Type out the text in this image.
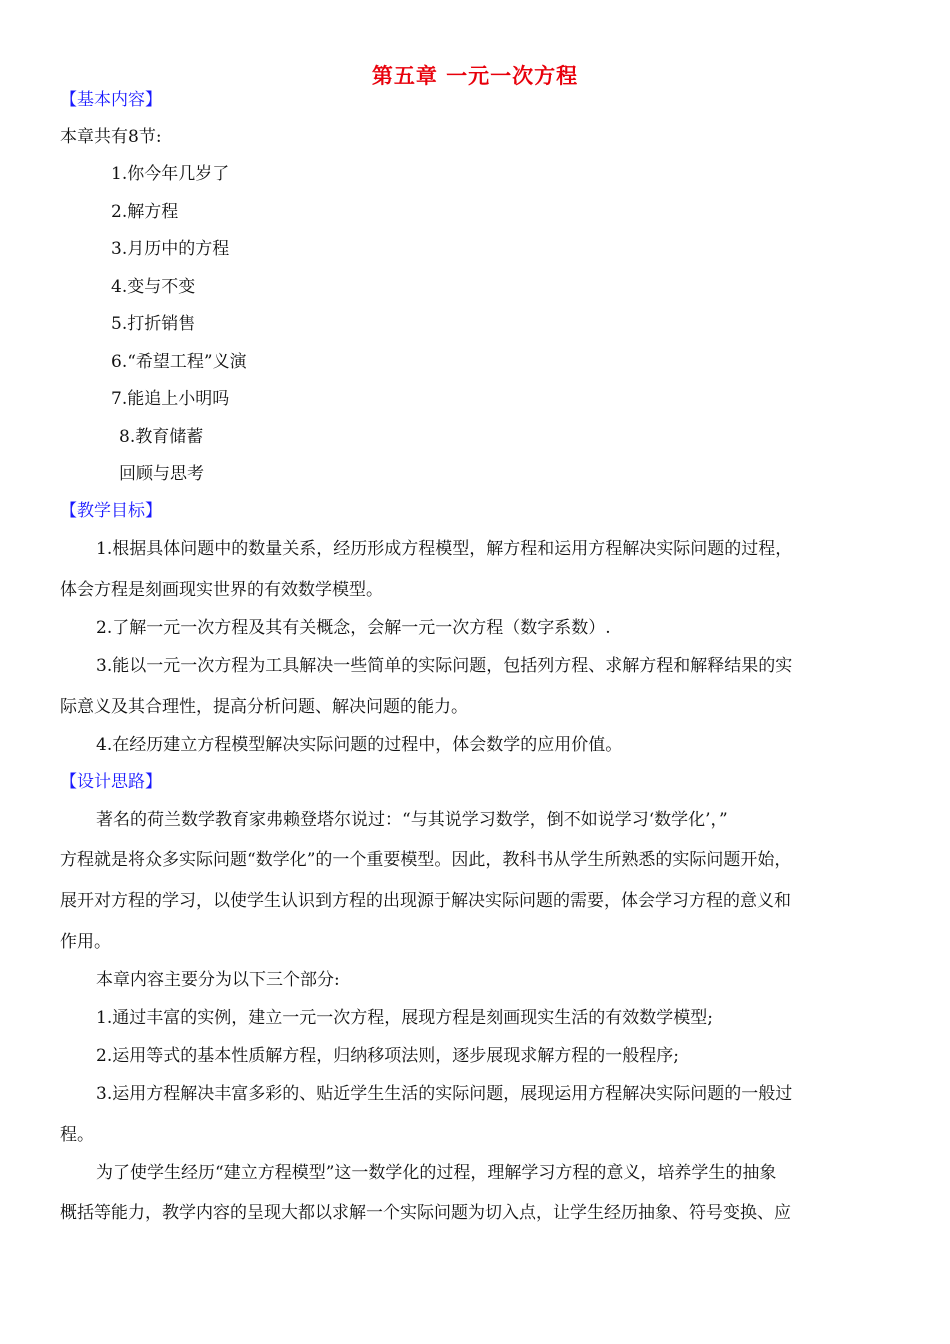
第五章 一元一次方程
【基本内容】
本章共有8节:
1.你今年几岁了
2.解方程
3.月历中的方程
4.变与不变
5.打折销售
6.“希望工程”义演
7.能追上小明吗
8.教育储蓄
回顾与思考
【教学目标】
1.根据具体问题中的数量关系，经历形成方程模型，解方程和运用方程解决实际问题的过程，
体会方程是刻画现实世界的有效数学模型。
2.了解一元一次方程及其有关概念，会解一元一次方程（数字系数）.
3.能以一元一次方程为工具解决一些简单的实际问题，包括列方程、求解方程和解释结果的实
际意义及其合理性，提高分析问题、解决问题的能力。
4.在经历建立方程模型解决实际问题的过程中，体会数学的应用价值。
【设计思路】
著名的荷兰数学教育家弗赖登塔尔说过：“与其说学习数学，倒不如说学习‘数学化’，”
方程就是将众多实际问题“数学化”的一个重要模型。因此，教科书从学生所熟悉的实际问题开始，
展开对方程的学习，以使学生认识到方程的出现源于解决实际问题的需要，体会学习方程的意义和
作用。
本章内容主要分为以下三个部分:
1.通过丰富的实例，建立一元一次方程，展现方程是刻画现实生活的有效数学模型;
2.运用等式的基本性质解方程，归纳移项法则，逐步展现求解方程的一般程序;
3.运用方程解决丰富多彩的、贴近学生生活的实际问题，展现运用方程解决实际问题的一般过
程。
为了使学生经历“建立方程模型”这一数学化的过程，理解学习方程的意义，培养学生的抽象
概括等能力，教学内容的呈现大都以求解一个实际问题为切入点，让学生经历抽象、符号变换、应
